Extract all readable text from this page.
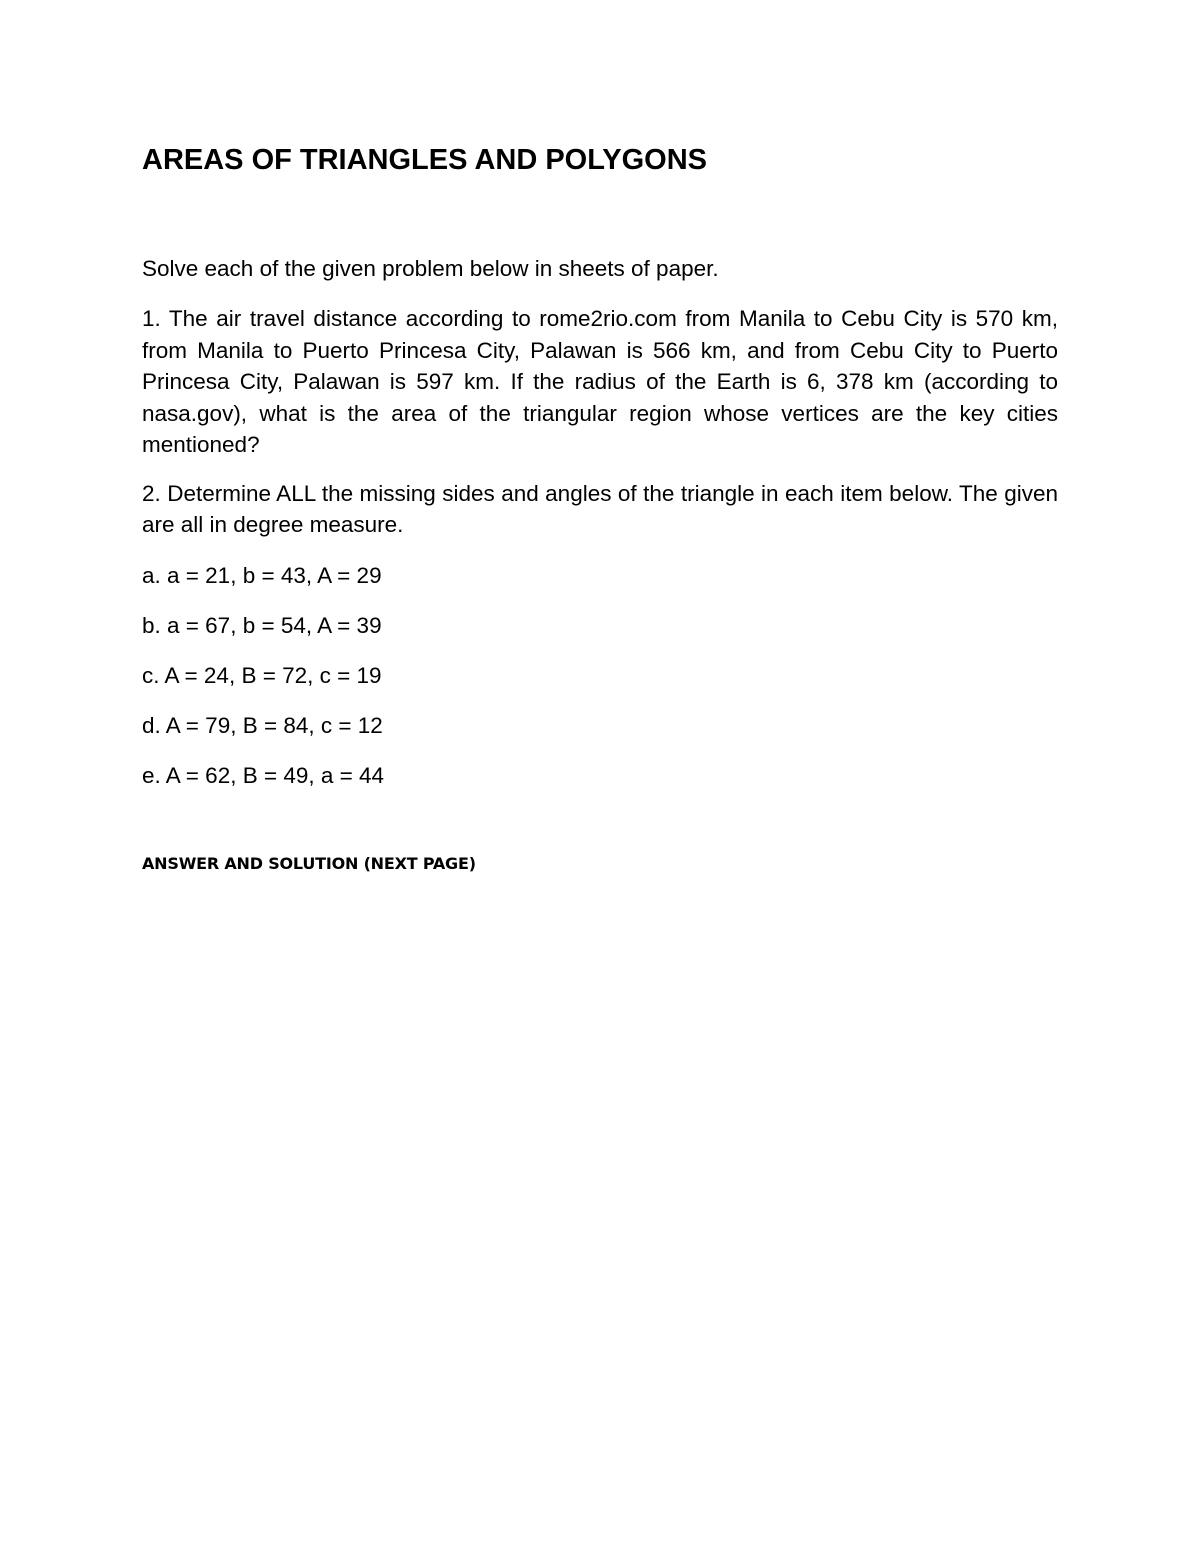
AREAS OF TRIANGLES AND POLYGONS

Solve each of the given problem below in sheets of paper.

1. The air travel distance according to rome2rio.com from Manila to Cebu City is 570 km, from Manila to Puerto Princesa City, Palawan is 566 km, and from Cebu City to Puerto Princesa City, Palawan is 597 km. If the radius of the Earth is 6, 378 km (according to nasa.gov), what is the area of the triangular region whose vertices are the key cities mentioned?

2. Determine ALL the missing sides and angles of the triangle in each item below. The given are all in degree measure.

a. a = 21, b = 43, A = 29

b. a = 67, b = 54, A = 39

c. A = 24, B = 72, c = 19

d. A = 79, B = 84, c = 12

e. A = 62, B = 49, a = 44

ANSWER AND SOLUTION (NEXT PAGE)
